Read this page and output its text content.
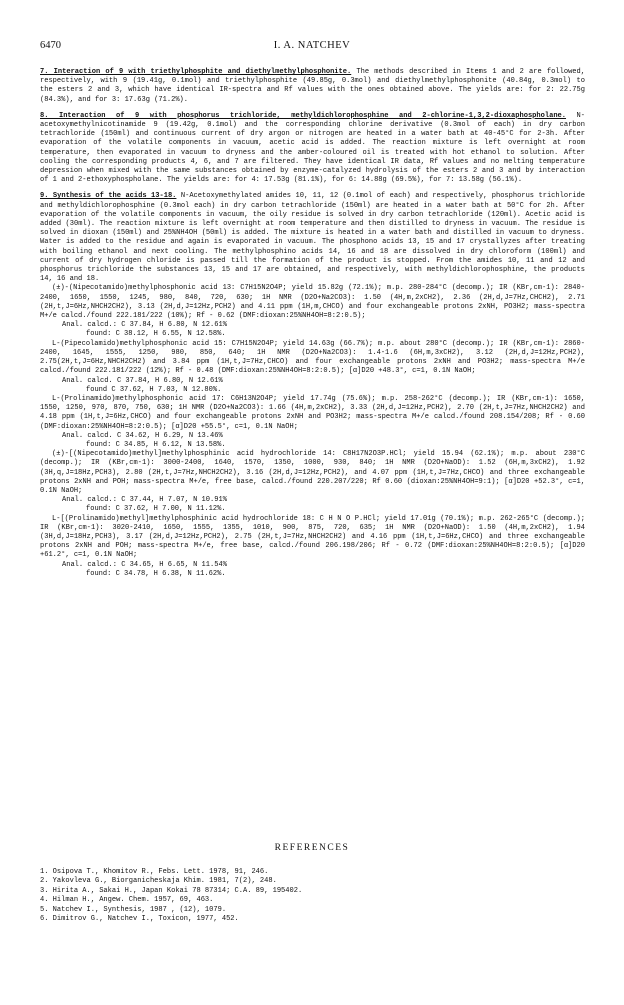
6470	I. A. NATCHEV

7. Interaction of 9 with triethylphosphite and diethylmethylphosphonite. The methods described in Items 1 and 2 are followed, respectively, with 9 (19.41g, 0.1mol) and triethylphosphite (49.85g, 0.3mol) and diethylmethylphosphonite (40.84g, 0.3mol) to the esters 2 and 3, which have identical IR-spectra and Rf values with the ones obtained above. The yields are: for 2: 22.75g (84.3%), and for 3: 17.63g (71.2%).

8. Interaction of 9 with phosphorus trichloride, methyldichlorophosphine and 2-chlorine-1,3,2-dioxaphospholane. N-acetoxymethylnicotinamide 9 (19.42g, 0.1mol) and the corresponding chlorine derivative (0.3mol of each) in dry carbon tetrachloride (150ml) and continuous current of dry argon or nitrogen are heated in a water bath at 40-45°C for 2-3h. After evaporation of the volatile components in vacuum, acetic acid is added. The reaction mixture is left overnight at room temperature, then evaporated in vacuum to dryness and the amber-coloured oil is treated with hot ethanol to solution. After cooling the corresponding products 4, 6, and 7 are filtered. They have identical IR data, Rf values and no melting temperature depression when mixed with the same substances obtained by enzyme-catalyzed hydrolysis of the esters 2 and 3 and by interaction of 1 and 2-ethoxyphospholane. The yields are: for 4: 17.53g (81.1%), for 6: 14.88g (69.5%), for 7: 13.58g (56.1%).

9. Synthesis of the acids 13-18. N-Acetoxymethylated amides 10, 11, 12 (0.1mol of each) and respectively, phosphorus trichloride and methyldichlorophosphine (0.3mol each) in dry carbon tetrachloride (150ml) are heated in a water bath at 50°C for 2h. After evaporation of the volatile components in vacuum, the oily residue is solved in dry carbon tetrachloride (120ml). Acetic acid is added (30ml). The reaction mixture is left overnight at room temperature and then distilled to dryness in vacuum. The residue is solved in dioxan (150ml) and 25%NH4OH (50ml) is added. The mixture is heated in a water bath and distilled in vacuum to dryness. Water is added to the residue and again is evaporated in vacuum. The phosphono acids 13, 15 and 17 crystallyzes after treating with boiling ethanol and next cooling. The methylphosphino acids 14, 16 and 18 are dissolved in dry chloroform (100ml) and current of dry hydrogen chloride is passed till the formation of the product is stopped. From the amides 10, 11 and 12 and phosphorus trichloride the substances 13, 15 and 17 are obtained, and respectively, with methyldichlorophosphine, the products 14, 16 and 18.

(±)-(Nipecotamido)methylphosphonic acid 13: C7H15N2O4P; yield 15.82g (72.1%); m.p. 280-284°C (decomp.); IR (KBr,cm-1): 2840-2400, 1650, 1550, 1245, 980, 840, 720, 630; 1H NMR (D2O+Na2CO3): 1.50 (4H,m,2xCH2), 2.36 (2H,d,J=7Hz,CHCH2), 2.71 (2H,t,J=6Hz,NHCH2CH2), 3.13 (2H,d,J=12Hz,PCH2) and 4.11 ppm (1H,m,CHCO) and four exchangeable protons 2xNH, PO3H2; mass-spectra M+/e calcd./found 222.181/222 (10%); Rf - 0.62 (DMF:dioxan:25%NH4OH=8:2:0.5);

Anal. calcd.: C 37.84, H 6.80, N 12.61%

found: C 38.12, H 6.55, N 12.58%.

L-(Pipecolamido)methylphosphonic acid 15: C7H15N2O4P; yield 14.63g (66.7%); m.p. about 280°C (decomp.); IR (KBr,cm-1): 2860-2400, 1645, 1555, 1250, 980, 850, 640; 1H NMR (D2O+Na2CO3): 1.4-1.6 (6H,m,3xCH2), 3.12 (2H,d,J=12Hz,PCH2), 2.75(2H,t,J=6Hz,NHCH2CH2) and 3.84 ppm (1H,t,J=7Hz,CHCO) and four exchangeable protons 2xNH and PO3H2; mass-spectra M+/e calcd./found 222.181/222 (12%); Rf - 0.48 (DMF:dioxan:25%NH4OH=8:2:0.5); [α]D20 +48.3°, c=1, 0.1N NaOH;

Anal. calcd. C 37.84, H 6.80, N 12.61%

found C 37.62, H 7.03, N 12.80%.

L-(Prolinamido)methylphosphonic acid 17: C6H13N2O4P; yield 17.74g (75.6%); m.p. 258-262°C (decomp.); IR (KBr,cm-1): 1650, 1550, 1250, 970, 870, 750, 630; 1H NMR (D2O+Na2CO3): 1.66 (4H,m,2xCH2), 3.33 (2H,d,J=12Hz,PCH2), 2.70 (2H,t,J=7Hz,NHCH2CH2) and 4.18 ppm (1H,t,J=6Hz,CHCO) and four exchangeable protons 2xNH and PO3H2; mass-spectra M+/e calcd./found 208.154/208; Rf - 0.60 (DMF:dioxan:25%NH4OH=8:2:0.5); [α]D20 +55.5°, c=1, 0.1N NaOH;

Anal. calcd. C 34.62, H 6.29, N 13.46%

found: C 34.85, H 6.12, N 13.58%.

(±)-[(Nipecotamido)methyl]methylphosphinic acid hydrochloride 14: C8H17N2O3P.HCl; yield 15.94 (62.1%); m.p. about 230°C (decomp.); IR (KBr,cm-1): 3000-2400, 1640, 1570, 1350, 1000, 930, 840; 1H NMR (D2O+NaOD): 1.52 (6H,m,3xCH2), 1.92 (3H,q,J=18Hz,PCH3), 2.80 (2H,t,J=7Hz,NHCH2CH2), 3.16 (2H,d,J=12Hz,PCH2), and 4.07 ppm (1H,t,J=7Hz,CHCO) and three exchangeable protons 2xNH and POH; mass-spectra M+/e, free base, calcd./found 220.207/220; Rf 0.60 (dioxan:25%NH4OH=9:1); [α]D20 +52.3°, c=1, 0.1N NaOH;

Anal. calcd.: C 37.44, H 7.07, N 10.91%

found: C 37.62, H 7.00, N 11.12%.

L-[(Prolinamido)methyl]methylphosphinic acid hydrochloride 18: C H N O P.HCl; yield 17.01g (70.1%); m.p. 262-265°C (decomp.); IR (KBr,cm-1): 3020-2410, 1650, 1555, 1355, 1010, 900, 875, 720, 635; 1H NMR (D2O+NaOD): 1.50 (4H,m,2xCH2), 1.94 (3H,d,J=18Hz,PCH3), 3.17 (2H,d,J=12Hz,PCH2), 2.75 (2H,t,J=7Hz,NHCH2CH2) and 4.16 ppm (1H,t,J=6Hz,CHCO) and three exchangeable protons 2xNH and POH; mass-spectra M+/e, free base, calcd./found 206.198/206; Rf - 0.72 (DMF:dioxan:25%NH4OH=8:2:0.5); [α]D20 +61.2°, c=1, 0.1N NaOH;

Anal. calcd.: C 34.65, H 6.65, N 11.54%

found: C 34.78, H 6.38, N 11.62%.

REFERENCES

1. Osipova T., Khomitov R., Febs. Lett. 1978, 91, 246.

2. Yakovleva G., Biorganicheskaja Khim. 1981, 7(2), 248.

3. Hirita A., Sakai H., Japan Kokai 78 87314; C.A. 89, 195402.

4. Hilman H., Angew. Chem. 1957, 69, 463.

5. Natchev I., Synthesis, 1987 , (12), 1079.

6. Dimitrov G., Natchev I., Toxicon, 1977, 452.
